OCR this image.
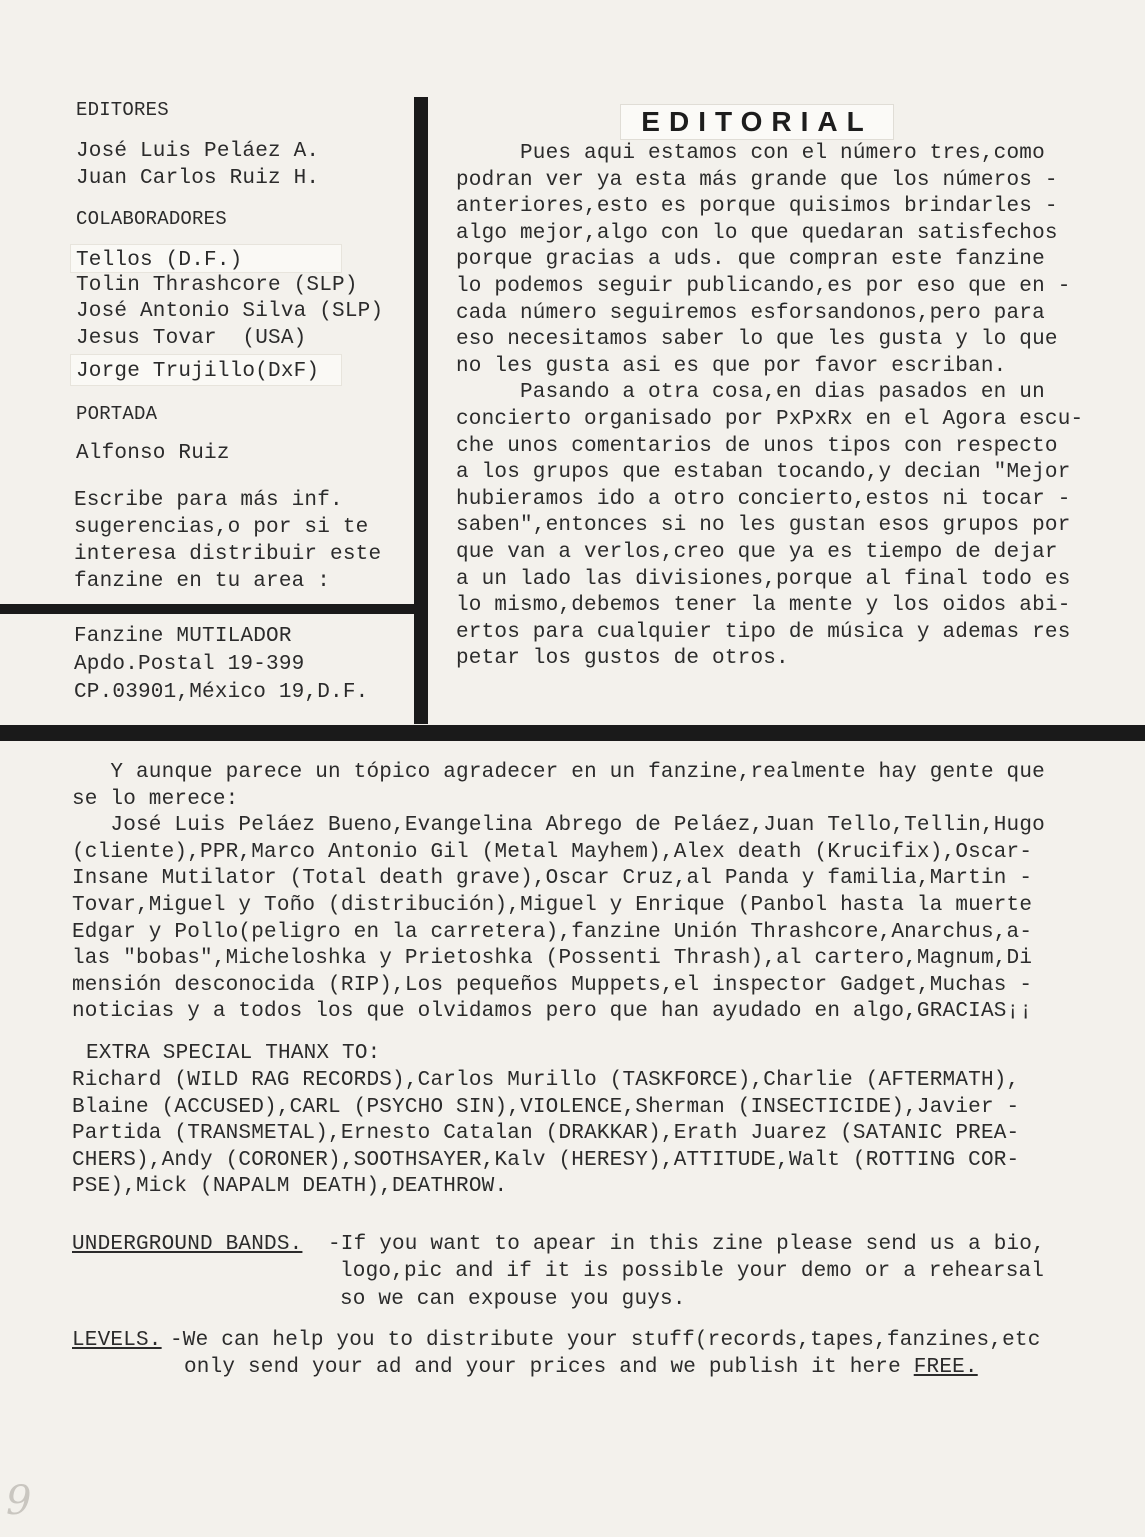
EDITORES
José Luis Peláez A.
Juan Carlos Ruiz H.
COLABORADORES
Tellos (D.F.)
Tolin Thrashcore (SLP)
José Antonio Silva (SLP)
Jesus Tovar  (USA)
Jorge Trujillo(DxF)
PORTADA
Alfonso Ruiz
Escribe para más inf.
sugerencias,o por si te
interesa distribuir este
fanzine en tu area :
Fanzine MUTILADOR
Apdo.Postal 19-399
CP.03901,México 19,D.F.
EDITORIAL
Pues aqui estamos con el número tres,como
podran ver ya esta más grande que los números -
anteriores,esto es porque quisimos brindarles -
algo mejor,algo con lo que quedaran satisfechos
porque gracias a uds. que compran este fanzine
lo podemos seguir publicando,es por eso que en -
cada número seguiremos esforsandonos,pero para
eso necesitamos saber lo que les gusta y lo que
no les gusta asi es que por favor escriban.
Pasando a otra cosa,en dias pasados en un
concierto organisado por PxPxRx en el Agora escu-
che unos comentarios de unos tipos con respecto
a los grupos que estaban tocando,y decian "Mejor
hubieramos ido a otro concierto,estos ni tocar -
saben",entonces si no les gustan esos grupos por
que van a verlos,creo que ya es tiempo de dejar
a un lado las divisiones,porque al final todo es
lo mismo,debemos tener la mente y los oidos abi-
ertos para cualquier tipo de música y ademas res
petar los gustos de otros.
Y aunque parece un tópico agradecer en un fanzine,realmente hay gente que
se lo merece:
José Luis Peláez Bueno,Evangelina Abrego de Peláez,Juan Tello,Tellin,Hugo
(cliente),PPR,Marco Antonio Gil (Metal Mayhem),Alex death (Krucifix),Oscar-
Insane Mutilator (Total death grave),Oscar Cruz,al Panda y familia,Martin -
Tovar,Miguel y Toño (distribución),Miguel y Enrique (Panbol hasta la muerte
Edgar y Pollo(peligro en la carretera),fanzine Unión Thrashcore,Anarchus,a-
las "bobas",Micheloshka y Prietoshka (Possenti Thrash),al cartero,Magnum,Di
mensión desconocida (RIP),Los pequeños Muppets,el inspector Gadget,Muchas -
noticias y a todos los que olvidamos pero que han ayudado en algo,GRACIAS¡¡
EXTRA SPECIAL THANX TO:
Richard (WILD RAG RECORDS),Carlos Murillo (TASKFORCE),Charlie (AFTERMATH),
Blaine (ACCUSED),CARL (PSYCHO SIN),VIOLENCE,Sherman (INSECTICIDE),Javier -
Partida (TRANSMETAL),Ernesto Catalan (DRAKKAR),Erath Juarez (SATANIC PREA-
CHERS),Andy (CORONER),SOOTHSAYER,Kalv (HERESY),ATTITUDE,Walt (ROTTING COR-
PSE),Mick (NAPALM DEATH),DEATHROW.
UNDERGROUND BANDS. -If you want to apear in this zine please send us a bio,
logo,pic and if it is possible your demo or a rehearsal
so we can expouse you guys.
LEVELS. -We can help you to distribute your stuff(records,tapes,fanzines,etc
only send your ad and your prices and we publish it here FREE.
9
